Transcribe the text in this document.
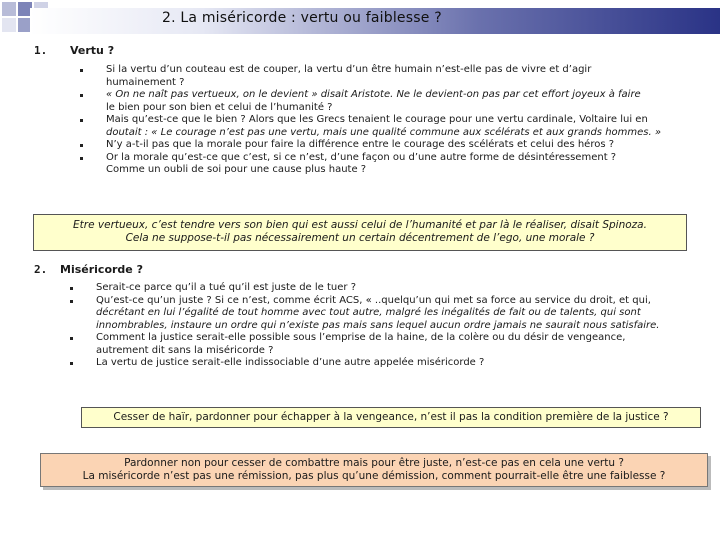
2. La miséricorde : vertu ou faiblesse ?
1. Vertu ?
Si la vertu d’un couteau est de couper, la vertu d’un être humain n’est-elle pas de vivre et d’agir
humainement ?
« On ne naît pas vertueux, on le devient » disait Aristote. Ne le devient-on pas par cet effort joyeux à faire
le bien pour son bien et celui de l’humanité ?
Mais qu’est-ce que le bien ? Alors que les Grecs tenaient le courage pour une vertu cardinale, Voltaire lui en
doutait : « Le courage n’est pas une vertu, mais une qualité commune aux scélérats et aux grands hommes. »
N’y a-t-il pas que la morale pour faire la différence entre le courage des scélérats et celui des héros ?
Or la morale qu’est-ce que c’est, si ce n’est, d’une façon ou d’une autre forme de désintéressement ?
Comme un oubli de soi pour une cause plus haute ?
Etre vertueux, c’est tendre vers son bien qui est aussi celui de l’humanité et par là le réaliser, disait Spinoza.
Cela ne suppose-t-il pas nécessairement un certain décentrement de l’ego, une morale ?
2. Miséricorde ?
Serait-ce parce qu’il a tué qu’il est juste de le tuer ?
Qu’est-ce qu’un juste ? Si ce n’est, comme écrit ACS, « ..quelqu’un qui met sa force au service du droit, et qui,
décrétant en lui l’égalité de tout homme avec tout autre, malgré les inégalités de fait ou de talents, qui sont
innombrables, instaure un ordre qui n’existe pas mais sans lequel aucun ordre jamais ne saurait nous satisfaire.
Comment la justice serait-elle possible sous l’emprise de la haine, de la colère ou du désir de vengeance,
autrement dit sans la miséricorde ?
La vertu de justice serait-elle indissociable d’une autre appelée miséricorde ?
Cesser de haïr, pardonner pour échapper à la vengeance, n’est il pas la condition première de la justice ?
Pardonner non pour cesser de combattre mais pour être juste, n’est-ce pas en cela une vertu ?
La miséricorde n’est pas une rémission, pas plus qu’une démission, comment pourrait-elle être une faiblesse ?
